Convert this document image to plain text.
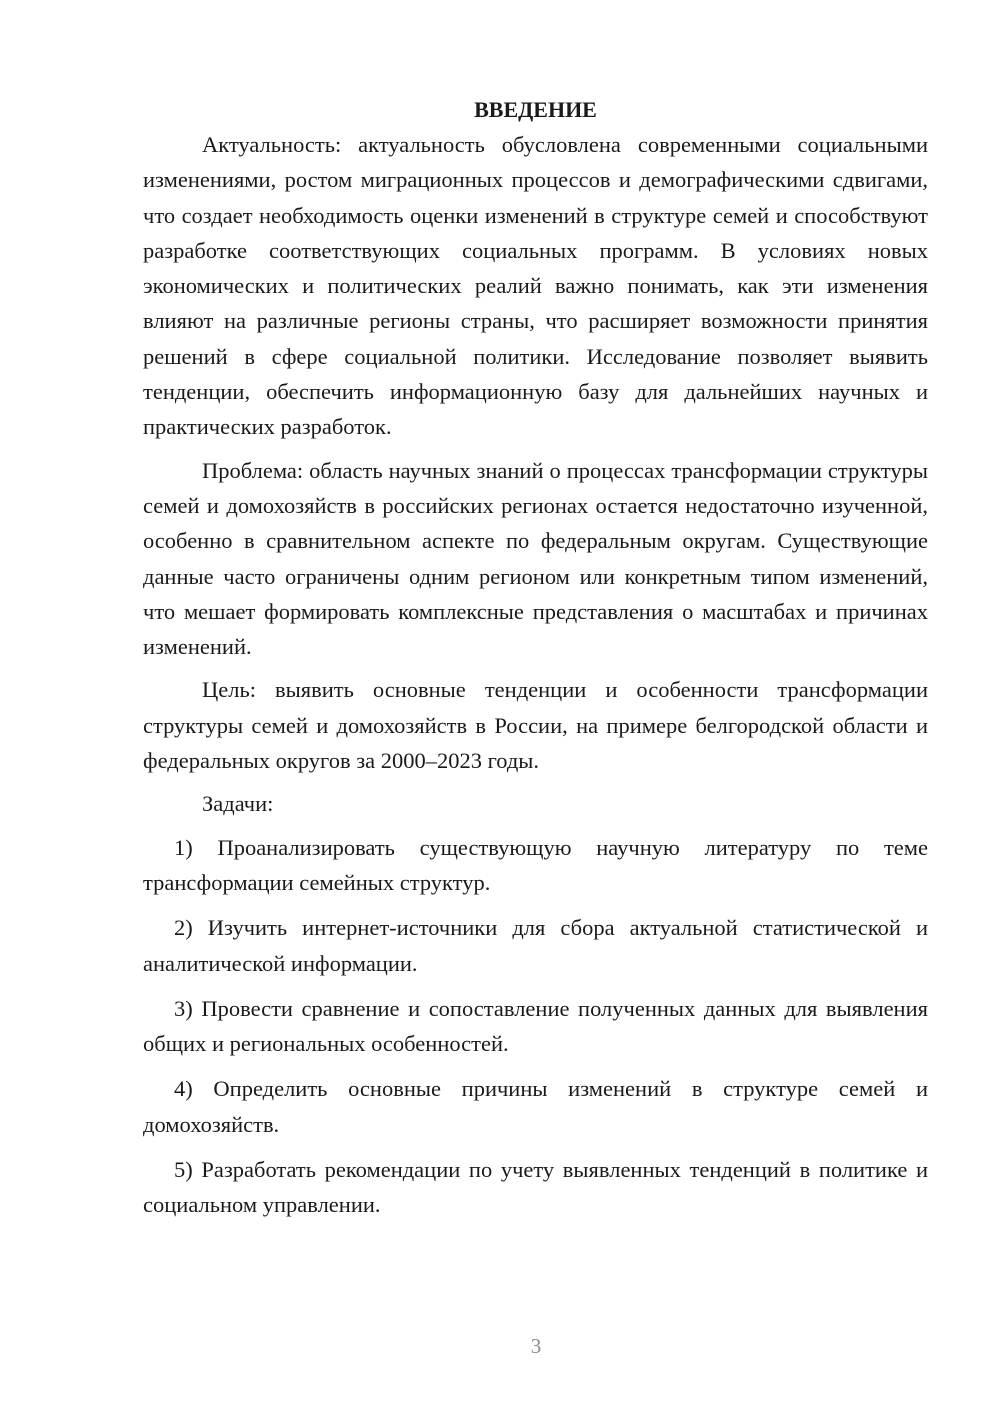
ВВЕДЕНИЕ

Актуальность: актуальность обусловлена современными социальными изменениями, ростом миграционных процессов и демографическими сдвигами, что создает необходимость оценки изменений в структуре семей и способствуют разработке соответствующих социальных программ. В условиях новых экономических и политических реалий важно понимать, как эти изменения влияют на различные регионы страны, что расширяет возможности принятия решений в сфере социальной политики. Исследование позволяет выявить тенденции, обеспечить информационную базу для дальнейших научных и практических разработок.

Проблема: область научных знаний о процессах трансформации структуры семей и домохозяйств в российских регионах остается недостаточно изученной, особенно в сравнительном аспекте по федеральным округам. Существующие данные часто ограничены одним регионом или конкретным типом изменений, что мешает формировать комплексные представления о масштабах и причинах изменений.

Цель: выявить основные тенденции и особенности трансформации структуры семей и домохозяйств в России, на примере белгородской области и федеральных округов за 2000–2023 годы.

Задачи:

1) Проанализировать существующую научную литературу по теме трансформации семейных структур.

2) Изучить интернет-источники для сбора актуальной статистической и аналитической информации.

3) Провести сравнение и сопоставление полученных данных для выявления общих и региональных особенностей.

4) Определить основные причины изменений в структуре семей и домохозяйств.

5) Разработать рекомендации по учету выявленных тенденций в политике и социальном управлении.

3
